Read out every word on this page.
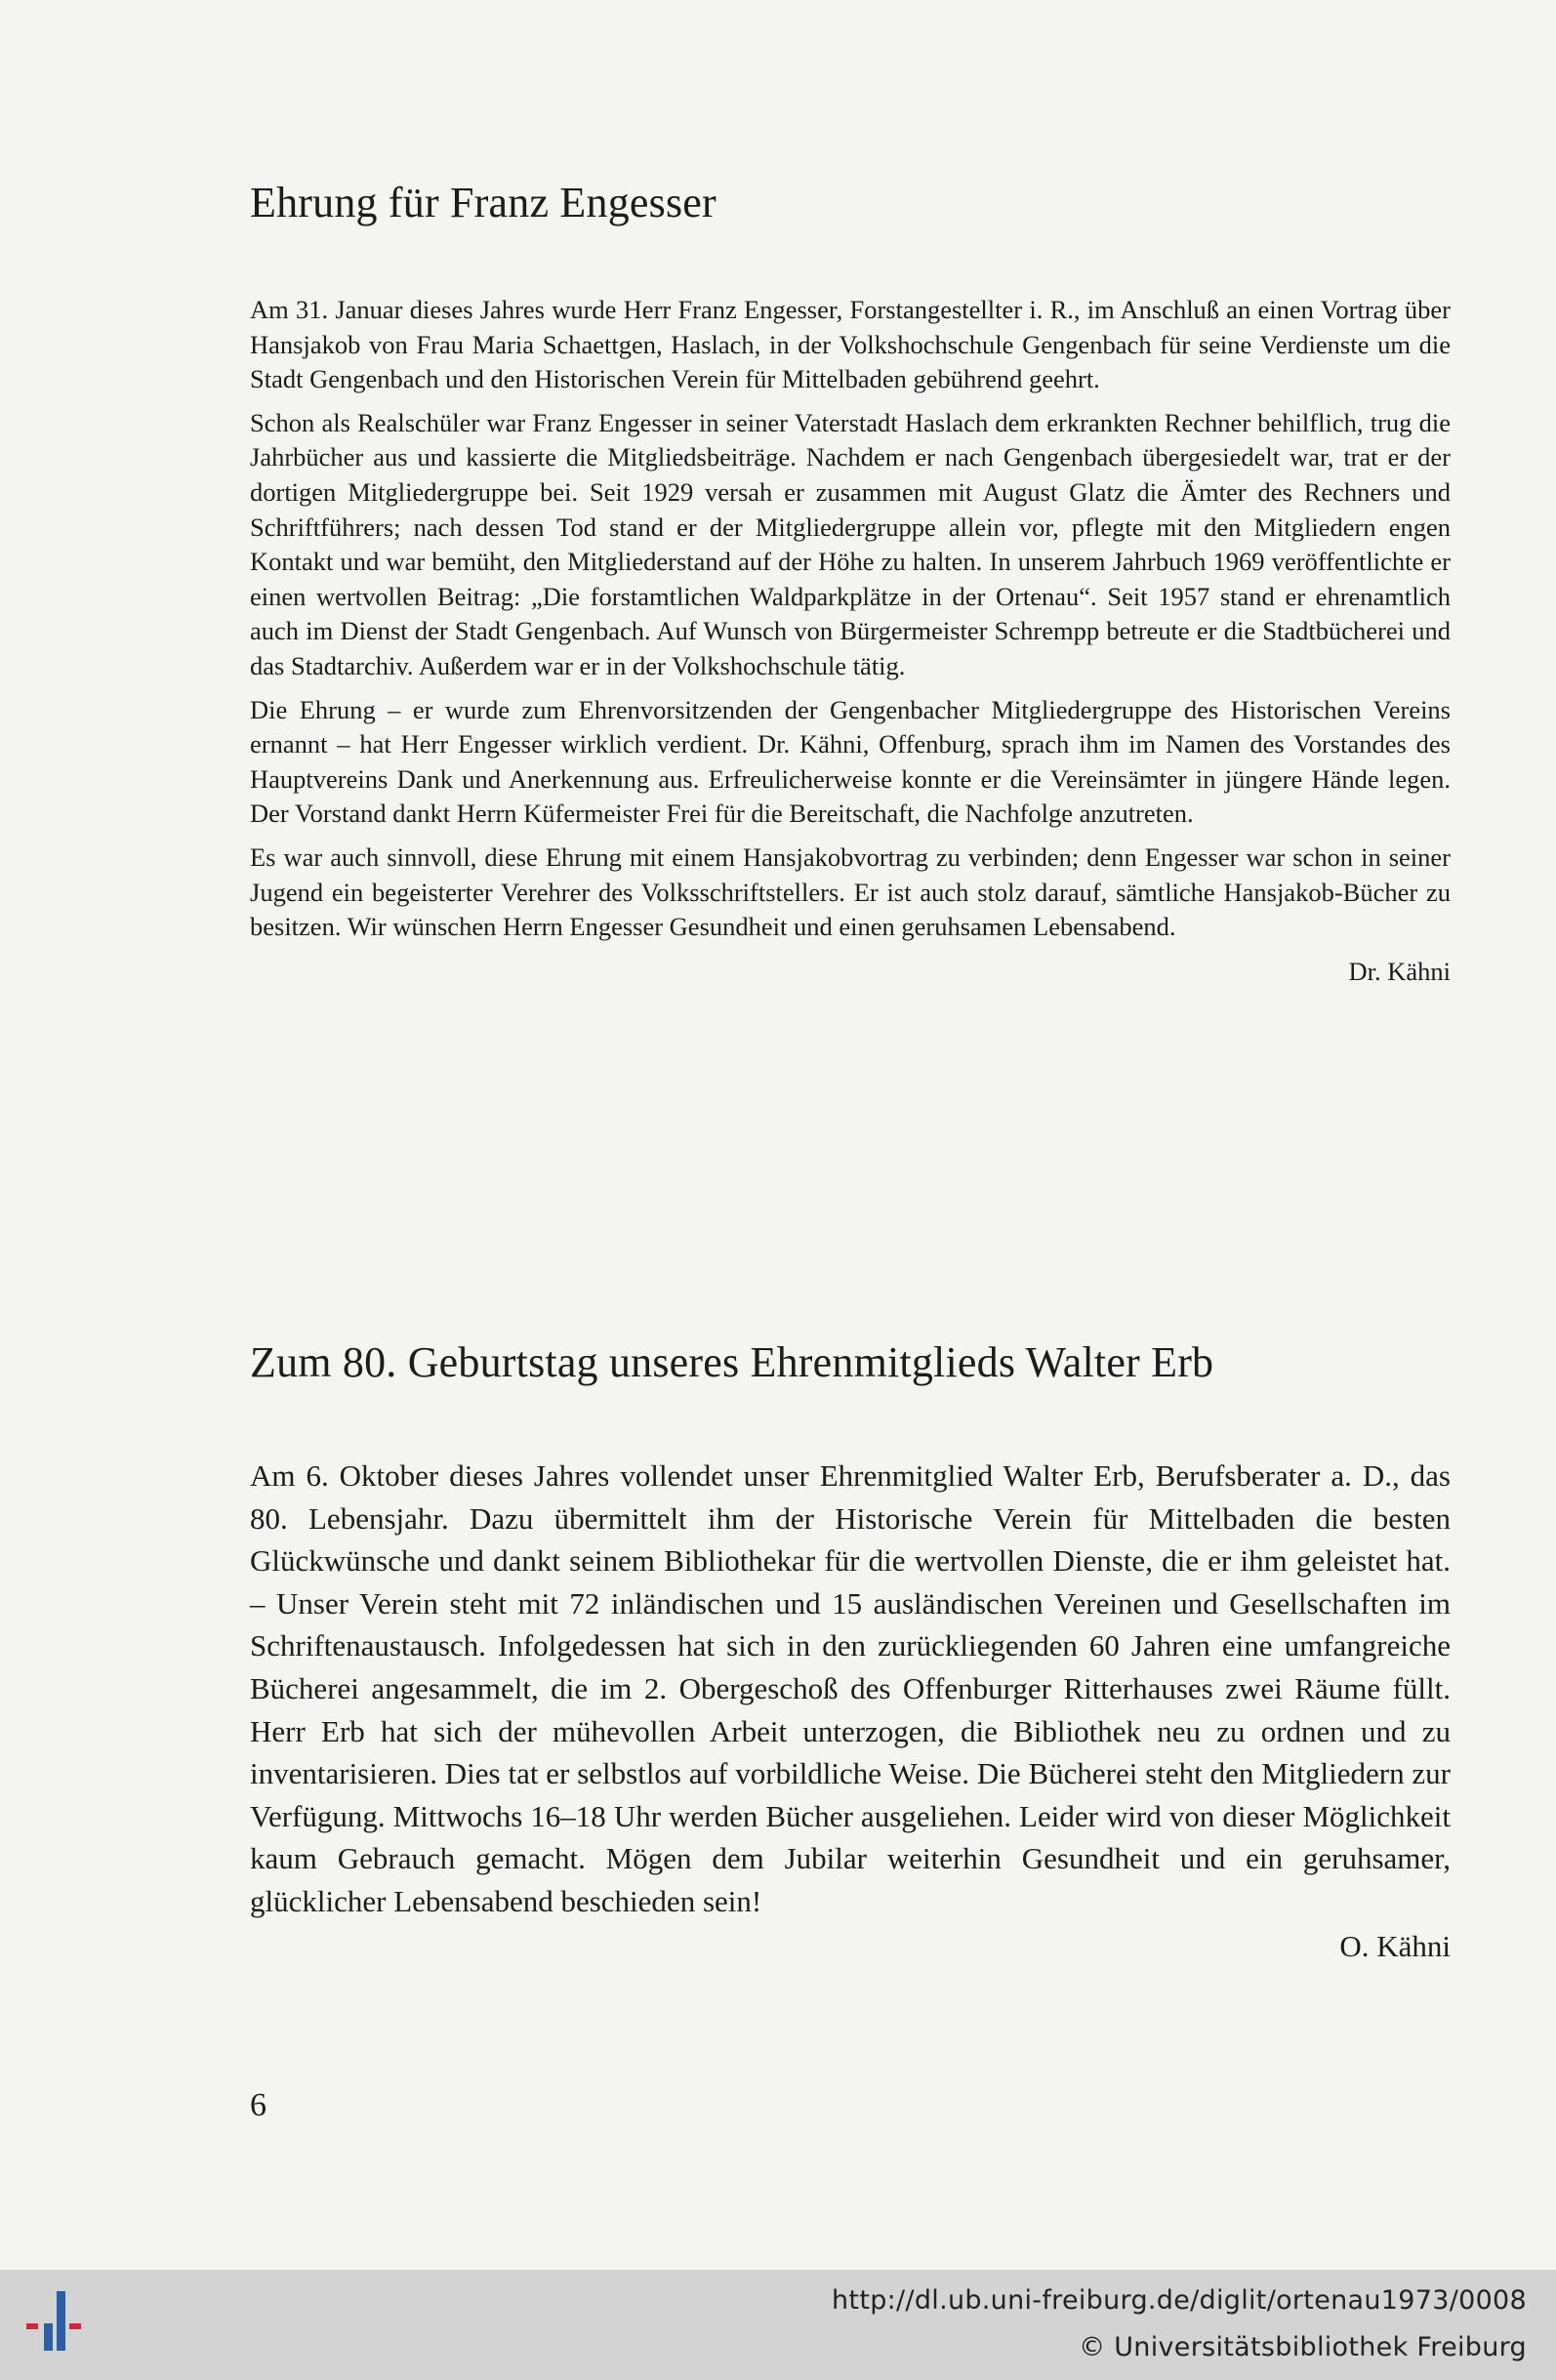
Ehrung für Franz Engesser

Am 31. Januar dieses Jahres wurde Herr Franz Engesser, Forstangestellter i. R., im Anschluß an einen Vortrag über Hansjakob von Frau Maria Schaettgen, Haslach, in der Volkshochschule Gengenbach für seine Verdienste um die Stadt Gengenbach und den Historischen Verein für Mittelbaden gebührend geehrt.

Schon als Realschüler war Franz Engesser in seiner Vaterstadt Haslach dem erkrankten Rechner behilflich, trug die Jahrbücher aus und kassierte die Mitgliedsbeiträge. Nachdem er nach Gengenbach übergesiedelt war, trat er der dortigen Mitgliedergruppe bei. Seit 1929 versah er zusammen mit August Glatz die Ämter des Rechners und Schriftführers; nach dessen Tod stand er der Mitgliedergruppe allein vor, pflegte mit den Mitgliedern engen Kontakt und war bemüht, den Mitgliederstand auf der Höhe zu halten. In unserem Jahrbuch 1969 veröffentlichte er einen wertvollen Beitrag: „Die forstamtlichen Waldparkplätze in der Ortenau“. Seit 1957 stand er ehrenamtlich auch im Dienst der Stadt Gengenbach. Auf Wunsch von Bürgermeister Schrempp betreute er die Stadtbücherei und das Stadtarchiv. Außerdem war er in der Volkshochschule tätig.

Die Ehrung – er wurde zum Ehrenvorsitzenden der Gengenbacher Mitgliedergruppe des Historischen Vereins ernannt – hat Herr Engesser wirklich verdient. Dr. Kähni, Offenburg, sprach ihm im Namen des Vorstandes des Hauptvereins Dank und Anerkennung aus. Erfreulicherweise konnte er die Vereinsämter in jüngere Hände legen. Der Vorstand dankt Herrn Küfermeister Frei für die Bereitschaft, die Nachfolge anzutreten.

Es war auch sinnvoll, diese Ehrung mit einem Hansjakobvortrag zu verbinden; denn Engesser war schon in seiner Jugend ein begeisterter Verehrer des Volksschriftstellers. Er ist auch stolz darauf, sämtliche Hansjakob-Bücher zu besitzen. Wir wünschen Herrn Engesser Gesundheit und einen geruhsamen Lebensabend.

Dr. Kähni
Zum 80. Geburtstag unseres Ehrenmitglieds Walter Erb

Am 6. Oktober dieses Jahres vollendet unser Ehrenmitglied Walter Erb, Berufsberater a. D., das 80. Lebensjahr. Dazu übermittelt ihm der Historische Verein für Mittelbaden die besten Glückwünsche und dankt seinem Bibliothekar für die wertvollen Dienste, die er ihm geleistet hat. – Unser Verein steht mit 72 inländischen und 15 ausländischen Vereinen und Gesellschaften im Schriftenaustausch. Infolgedessen hat sich in den zurückliegenden 60 Jahren eine umfangreiche Bücherei angesammelt, die im 2. Obergeschoß des Offenburger Ritterhauses zwei Räume füllt. Herr Erb hat sich der mühevollen Arbeit unterzogen, die Bibliothek neu zu ordnen und zu inventarisieren. Dies tat er selbstlos auf vorbildliche Weise. Die Bücherei steht den Mitgliedern zur Verfügung. Mittwochs 16–18 Uhr werden Bücher ausgeliehen. Leider wird von dieser Möglichkeit kaum Gebrauch gemacht. Mögen dem Jubilar weiterhin Gesundheit und ein geruhsamer, glücklicher Lebensabend beschieden sein!

O. Kähni
6
http://dl.ub.uni-freiburg.de/diglit/ortenau1973/0008
© Universitätsbibliothek Freiburg
